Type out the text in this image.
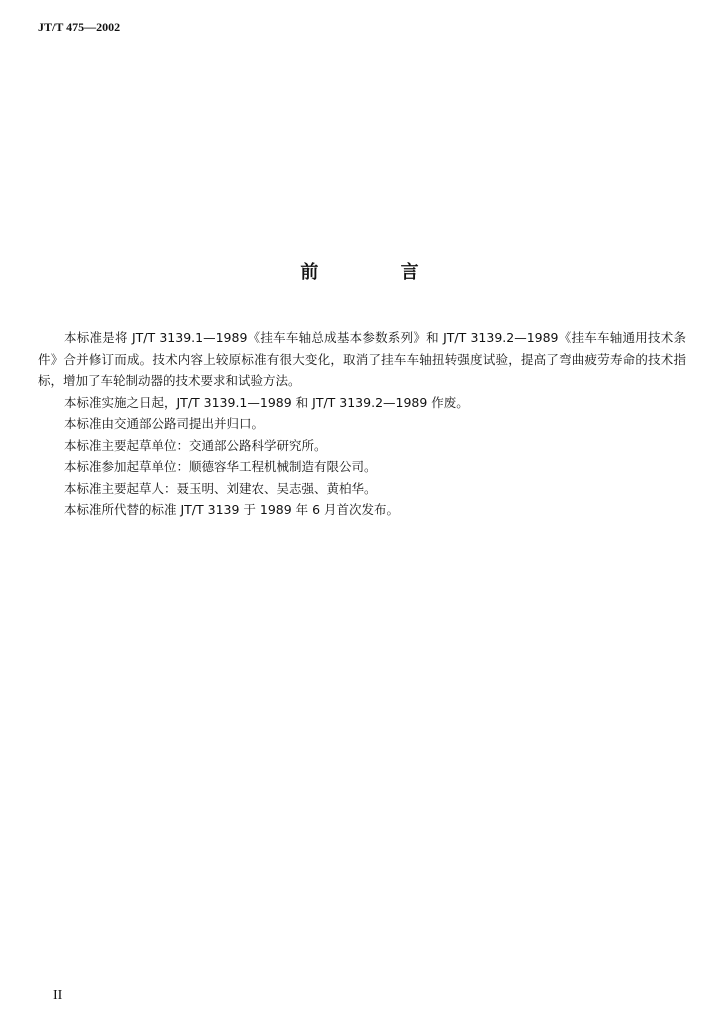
JT/T 475—2002
前 言

本标准是将 JT/T 3139.1—1989《挂车车轴总成基本参数系列》和 JT/T 3139.2—1989《挂车车轴通用技术条件》合并修订而成。技术内容上较原标准有很大变化，取消了挂车车轴扭转强度试验，提高了弯曲疲劳寿命的技术指标，增加了车轮制动器的技术要求和试验方法。

本标准实施之日起，JT/T 3139.1—1989 和 JT/T 3139.2—1989 作废。

本标准由交通部公路司提出并归口。

本标准主要起草单位：交通部公路科学研究所。

本标准参加起草单位：顺德容华工程机械制造有限公司。

本标准主要起草人：聂玉明、刘建农、吴志强、黄柏华。

本标准所代替的标准 JT/T 3139 于 1989 年 6 月首次发布。

II
